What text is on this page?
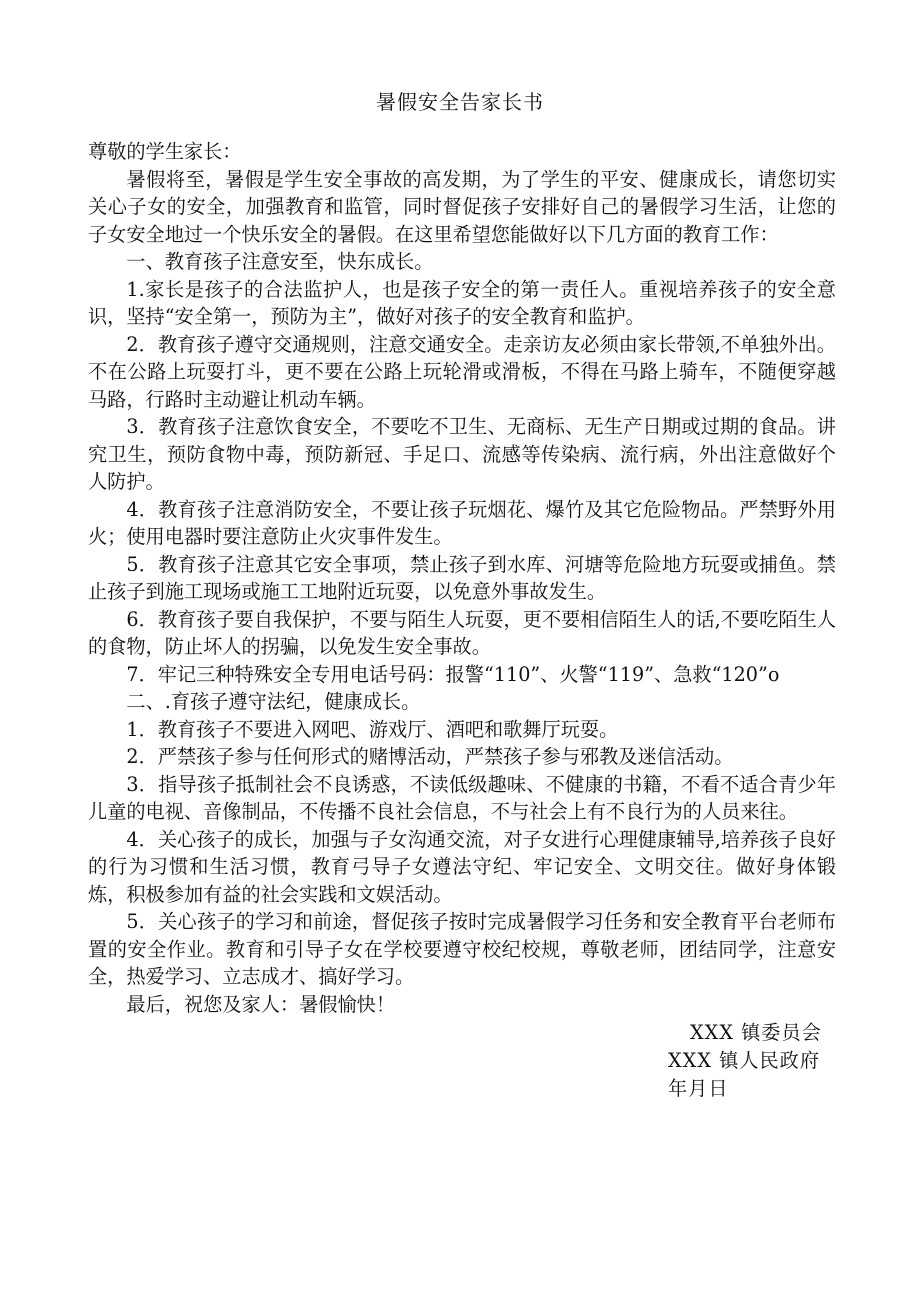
暑假安全告家长书

尊敬的学生家长：

暑假将至，暑假是学生安全事故的高发期，为了学生的平安、健康成长，请您切实关心子女的安全，加强教育和监管，同时督促孩子安排好自己的暑假学习生活，让您的子女安全地过一个快乐安全的暑假。在这里希望您能做好以下几方面的教育工作：

一、教育孩子注意安至，快东成长。

1.家长是孩子的合法监护人，也是孩子安全的第一责任人。重视培养孩子的安全意识，坚持“安全第一，预防为主”，做好对孩子的安全教育和监护。

2．教育孩子遵守交通规则，注意交通安全。走亲访友必须由家长带领,不单独外出。不在公路上玩耍打斗，更不要在公路上玩轮滑或滑板，不得在马路上骑车，不随便穿越马路，行路时主动避让机动车辆。

3．教育孩子注意饮食安全，不要吃不卫生、无商标、无生产日期或过期的食品。讲究卫生，预防食物中毒，预防新冠、手足口、流感等传染病、流行病，外出注意做好个人防护。

4．教育孩子注意消防安全，不要让孩子玩烟花、爆竹及其它危险物品。严禁野外用火；使用电器时要注意防止火灾事件发生。

5．教育孩子注意其它安全事项，禁止孩子到水库、河塘等危险地方玩耍或捕鱼。禁止孩子到施工现场或施工工地附近玩耍，以免意外事故发生。

6．教育孩子要自我保护，不要与陌生人玩耍，更不要相信陌生人的话,不要吃陌生人的食物，防止坏人的拐骗，以免发生安全事故。

7．牢记三种特殊安全专用电话号码：报警“110”、火警“119”、急救“120”o

二、.育孩子遵守法纪，健康成长。

1．教育孩子不要进入网吧、游戏厅、酒吧和歌舞厅玩耍。

2．严禁孩子参与任何形式的赌博活动，严禁孩子参与邪教及迷信活动。

3．指导孩子抵制社会不良诱惑，不读低级趣味、不健康的书籍，不看不适合青少年儿童的电视、音像制品，不传播不良社会信息，不与社会上有不良行为的人员来往。

4．关心孩子的成长，加强与子女沟通交流，对子女进行心理健康辅导,培养孩子良好的行为习惯和生活习惯，教育弓导子女遵法守纪、牢记安全、文明交往。做好身体锻炼，积极参加有益的社会实践和文娱活动。

5．关心孩子的学习和前途，督促孩子按时完成暑假学习任务和安全教育平台老师布置的安全作业。教育和引导子女在学校要遵守校纪校规，尊敬老师，团结同学，注意安全，热爱学习、立志成才、搞好学习。

最后，祝您及家人：暑假愉快！

XXX 镇委员会
XXX 镇人民政府
年月日
